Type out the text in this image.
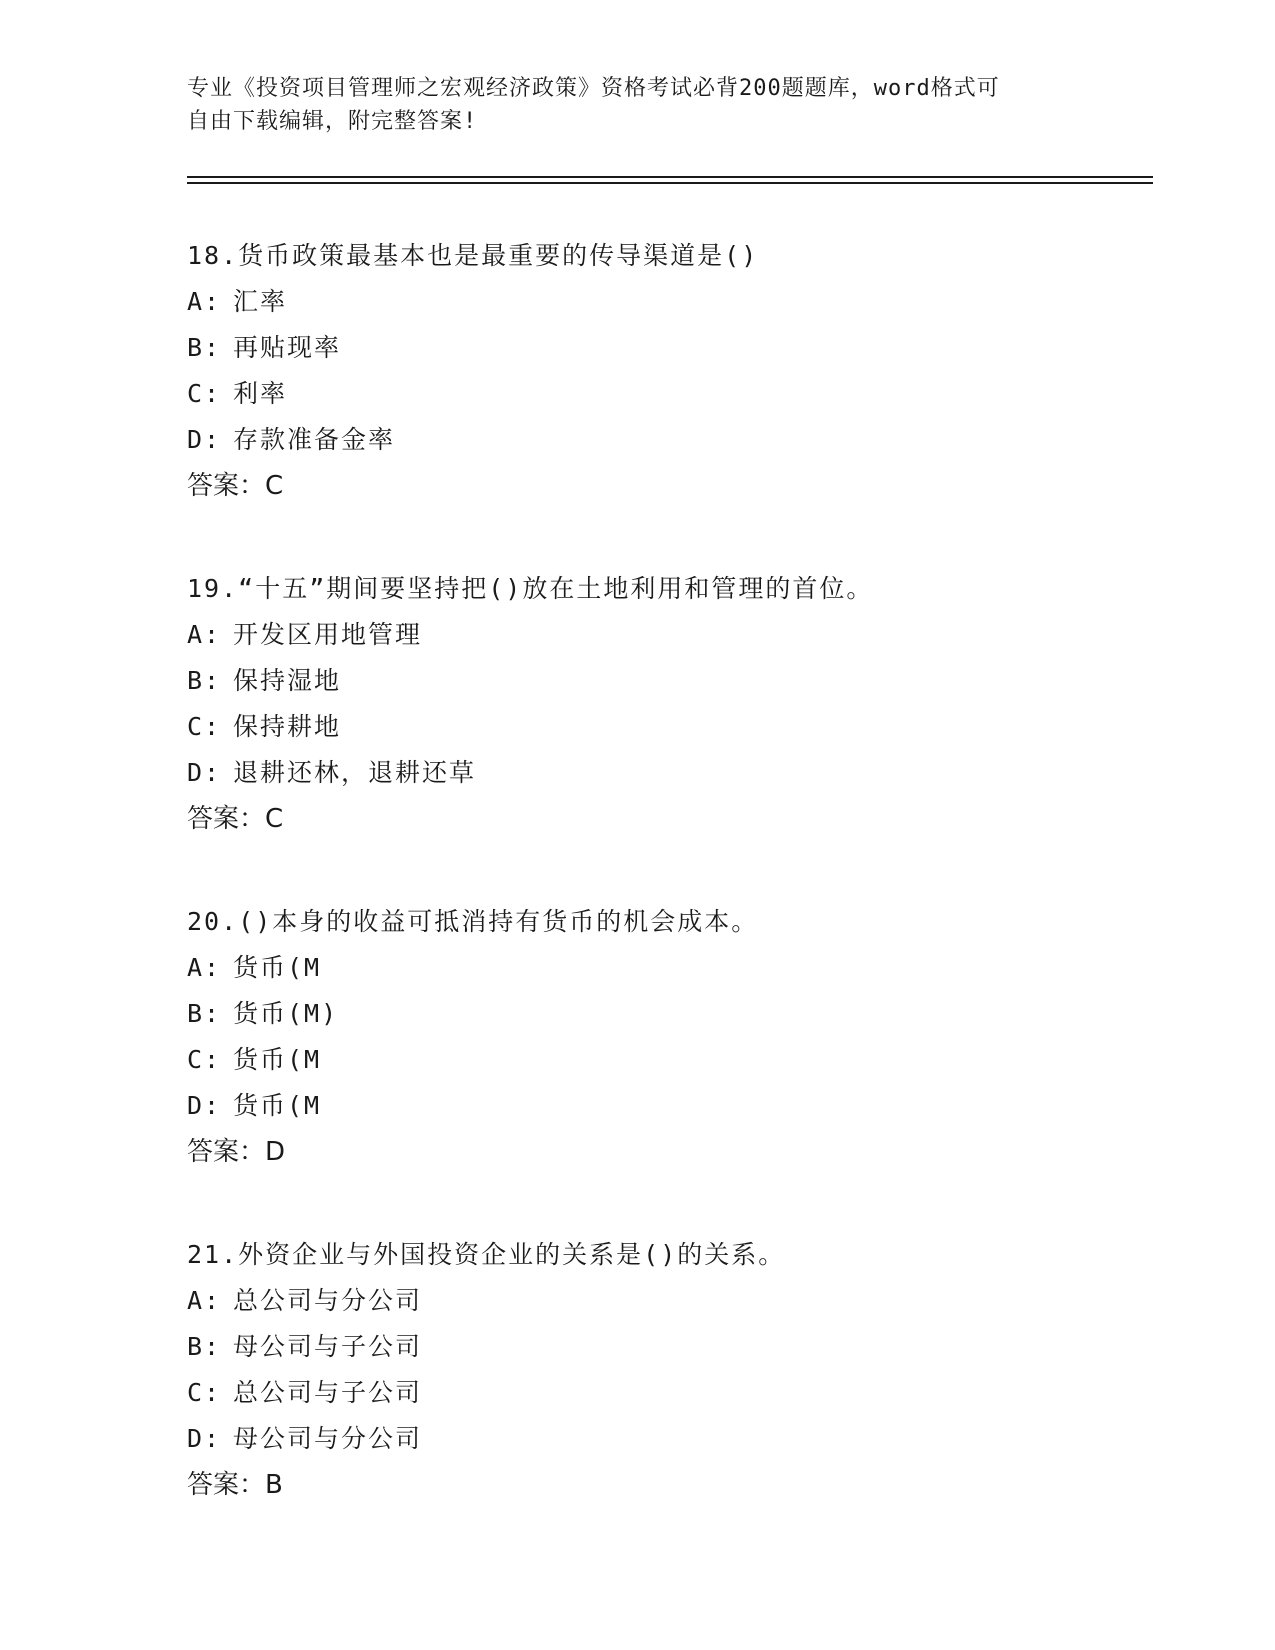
专业《投资项目管理师之宏观经济政策》资格考试必背200题题库，word格式可
自由下载编辑，附完整答案!
18. 货币政策最基本也是最重要的传导渠道是()
A: 汇率
B: 再贴现率
C: 利率
D: 存款准备金率
答案：C
19. “十五”期间要坚持把()放在土地利用和管理的首位。
A: 开发区用地管理
B: 保持湿地
C: 保持耕地
D: 退耕还林，退耕还草
答案：C
20. ()本身的收益可抵消持有货币的机会成本。
A: 货币(M
B: 货币(M)
C: 货币(M
D: 货币(M
答案：D
21. 外资企业与外国投资企业的关系是()的关系。
A: 总公司与分公司
B: 母公司与子公司
C: 总公司与子公司
D: 母公司与分公司
答案：B
